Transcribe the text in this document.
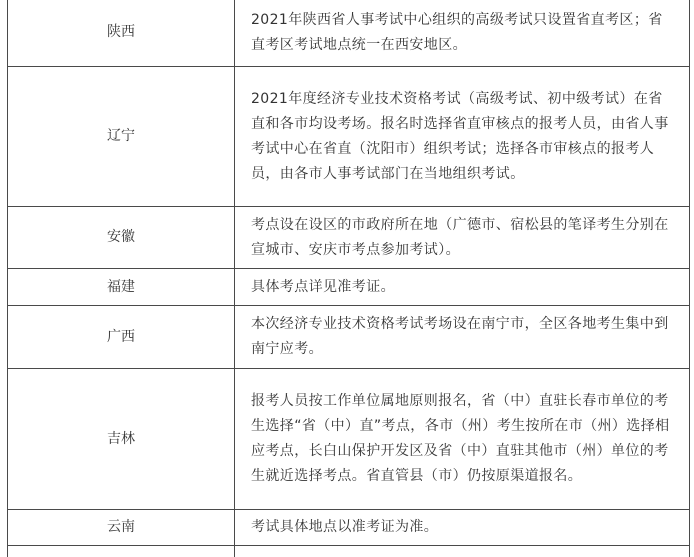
陕西	2021年陕西省人事考试中心组织的高级考试只设置省直考区；省直考区考试地点统一在西安地区。
辽宁	2021年度经济专业技术资格考试（高级考试、初中级考试）在省直和各市均设考场。报名时选择省直审核点的报考人员，由省人事考试中心在省直（沈阳市）组织考试；选择各市审核点的报考人员，由各市人事考试部门在当地组织考试。
安徽	考点设在设区的市政府所在地（广德市、宿松县的笔译考生分别在宣城市、安庆市考点参加考试）。
福建	具体考点详见准考证。
广西	本次经济专业技术资格考试考场设在南宁市，全区各地考生集中到南宁应考。
吉林	报考人员按工作单位属地原则报名，省（中）直驻长春市单位的考生选择“省（中）直”考点，各市（州）考生按所在市（州）选择相应考点，长白山保护开发区及省（中）直驻其他市（州）单位的考生就近选择考点。省直管县（市）仍按原渠道报名。
云南	考试具体地点以准考证为准。
